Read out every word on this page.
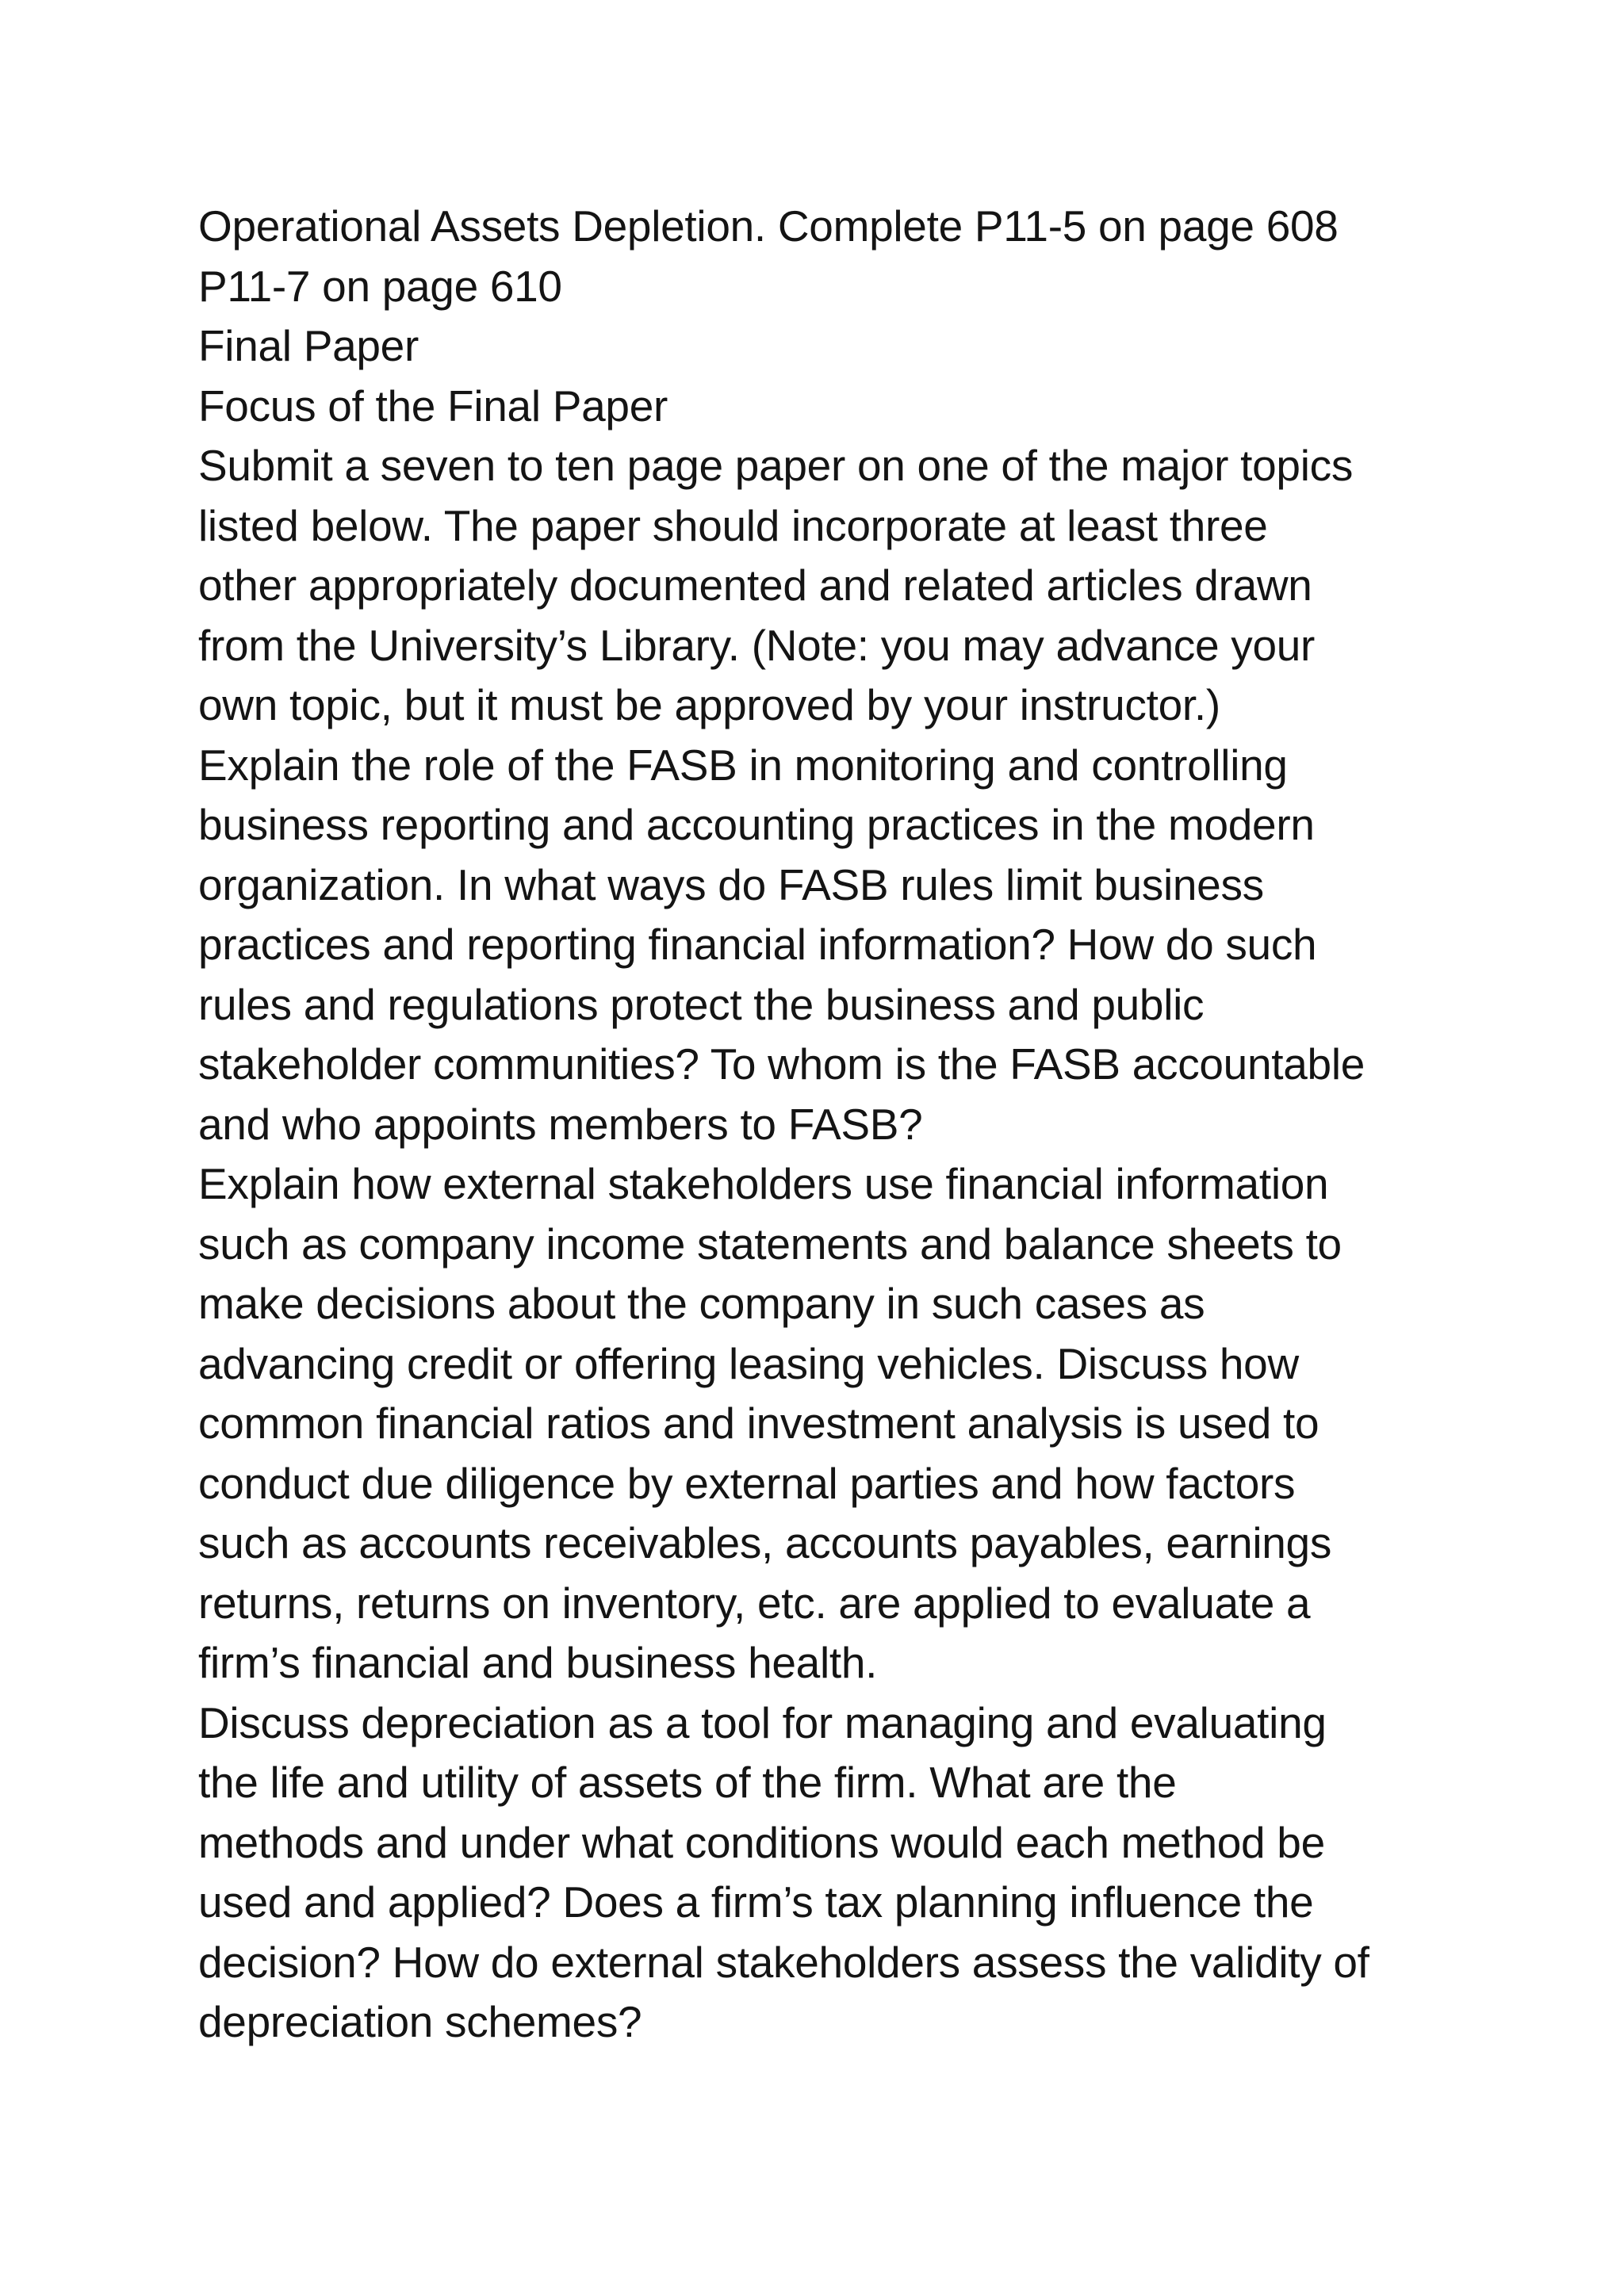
Operational Assets Depletion. Complete P11-5 on page 608
P11-7 on page 610
Final Paper
Focus of the Final Paper
Submit a seven to ten page paper on one of the major topics
listed below. The paper should incorporate at least three
other appropriately documented and related articles drawn
from the University’s Library. (Note: you may advance your
own topic, but it must be approved by your instructor.)
Explain the role of the FASB in monitoring and controlling
business reporting and accounting practices in the modern
organization. In what ways do FASB rules limit business
practices and reporting financial information? How do such
rules and regulations protect the business and public
stakeholder communities? To whom is the FASB accountable
and who appoints members to FASB?
Explain how external stakeholders use financial information
such as company income statements and balance sheets to
make decisions about the company in such cases as
advancing credit or offering leasing vehicles. Discuss how
common financial ratios and investment analysis is used to
conduct due diligence by external parties and how factors
such as accounts receivables, accounts payables, earnings
returns, returns on inventory, etc. are applied to evaluate a
firm’s financial and business health.
Discuss depreciation as a tool for managing and evaluating
the life and utility of assets of the firm. What are the
methods and under what conditions would each method be
used and applied? Does a firm’s tax planning influence the
decision? How do external stakeholders assess the validity of
depreciation schemes?
